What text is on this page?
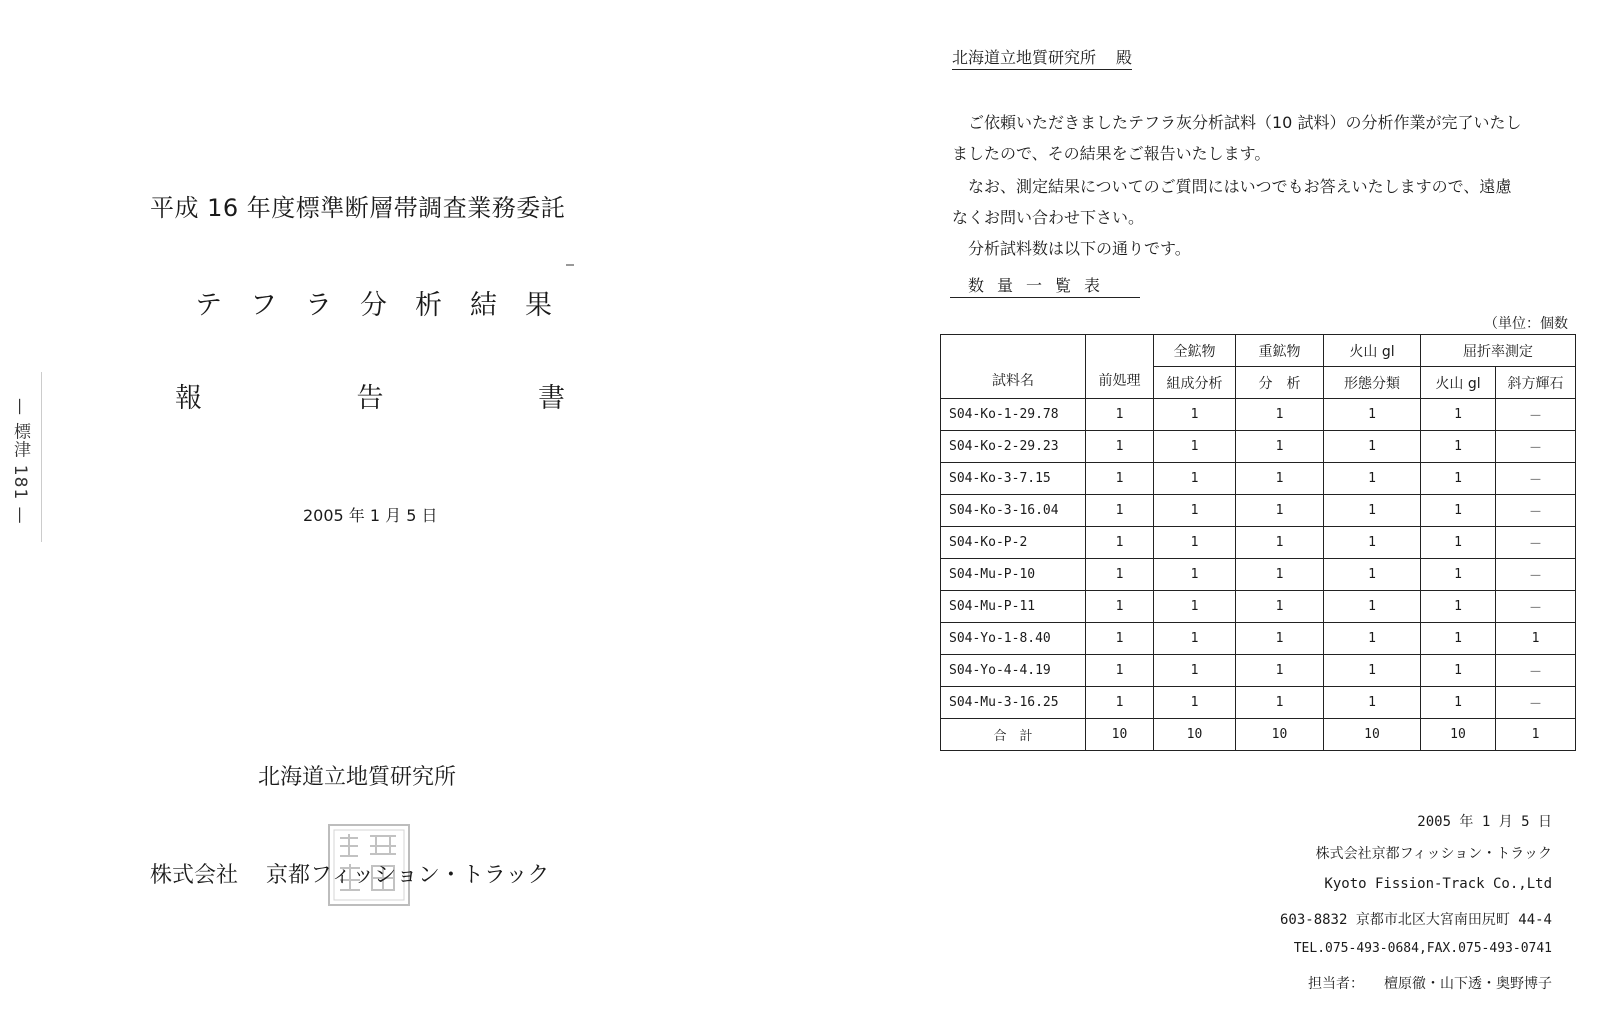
— 標津 181 —
平成 16 年度標準断層帯調査業務委託
テフラ分析結果
報	告	書
2005 年 1 月 5 日
北海道立地質研究所
株式会社 京都フィッション・トラック
北海道立地質研究所 殿
ご依頼いただきましたテフラ灰分析試料（10 試料）の分析作業が完了いたし
ましたので、その結果をご報告いたします。
なお、測定結果についてのご質問にはいつでもお答えいたしますので、遠慮
なくお問い合わせ下さい。
分析試料数は以下の通りです。
数量一覧表
（単位：個数
試料名	前処理	全鉱物	重鉱物	火山 gl	屈折率測定	
		組成分析	分　析	形態分類	火山 gl	斜方輝石
S04-Ko-1-29.78	1	1	1	1	1	－
S04-Ko-2-29.23	1	1	1	1	1	－
S04-Ko-3-7.15	1	1	1	1	1	－
S04-Ko-3-16.04	1	1	1	1	1	－
S04-Ko-P-2	1	1	1	1	1	－
S04-Mu-P-10	1	1	1	1	1	－
S04-Mu-P-11	1	1	1	1	1	－
S04-Yo-1-8.40	1	1	1	1	1	1
S04-Yo-4-4.19	1	1	1	1	1	－
S04-Mu-3-16.25	1	1	1	1	1	－
合　計	10	10	10	10	10	1
2005 年 1 月 5 日
株式会社京都フィッション・トラック
Kyoto Fission-Track Co.,Ltd
603-8832 京都市北区大宮南田尻町 44-4
TEL.075-493-0684,FAX.075-493-0741
担当者： 檀原徹・山下透・奥野博子
